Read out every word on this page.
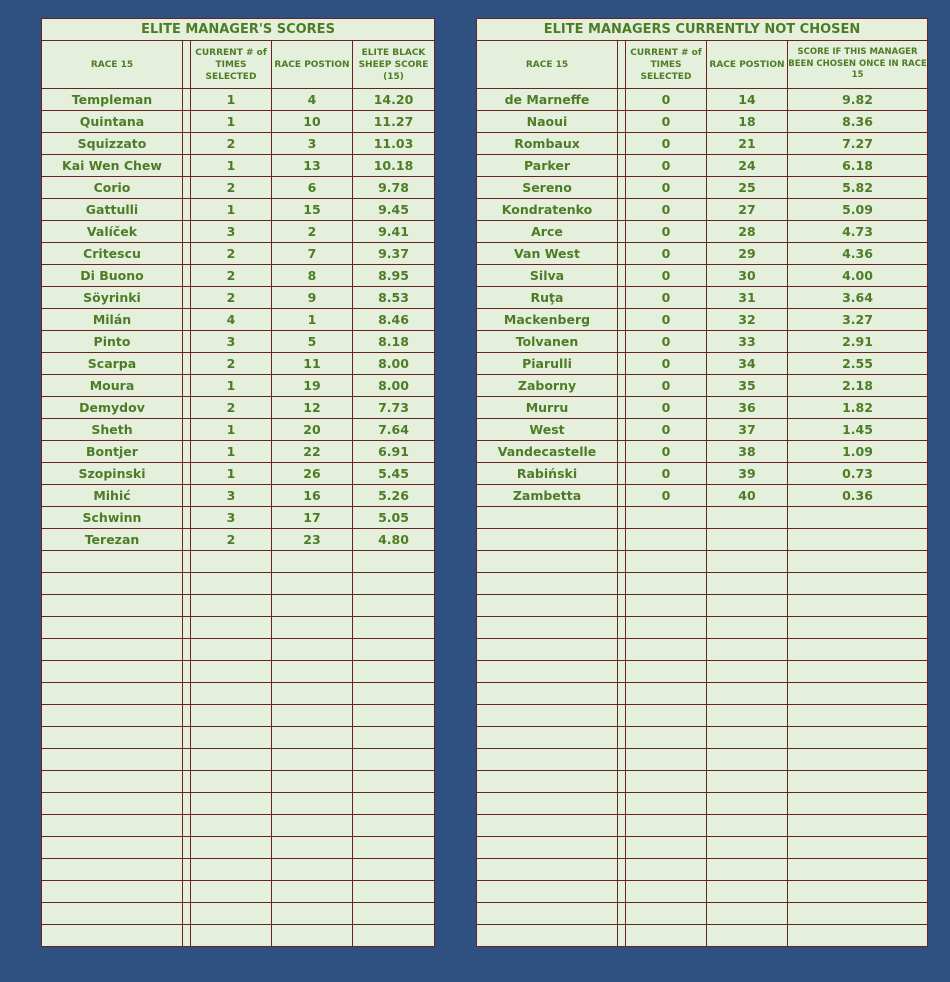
ELITE MANAGER'S SCORES				
RACE 15		CURRENT # of TIMES SELECTED	RACE POSTION	ELITE BLACK SHEEP SCORE (15)
Templeman		1	4	14.20
Quintana		1	10	11.27
Squizzato		2	3	11.03
Kai Wen Chew		1	13	10.18
Corio		2	6	9.78
Gattulli		1	15	9.45
Valíček		3	2	9.41
Critescu		2	7	9.37
Di Buono		2	8	8.95
Söyrinki		2	9	8.53
Milán		4	1	8.46
Pinto		3	5	8.18
Scarpa		2	11	8.00
Moura		1	19	8.00
Demydov		2	12	7.73
Sheth		1	20	7.64
Bontjer		1	22	6.91
Szopinski		1	26	5.45
Mihić		3	16	5.26
Schwinn		3	17	5.05
Terezan		2	23	4.80

ELITE MANAGERS CURRENTLY NOT CHOSEN				
RACE 15		CURRENT # of TIMES SELECTED	RACE POSTION	SCORE IF THIS MANAGER BEEN CHOSEN ONCE IN RACE 15
de Marneffe		0	14	9.82
Naoui		0	18	8.36
Rombaux		0	21	7.27
Parker		0	24	6.18
Sereno		0	25	5.82
Kondratenko		0	27	5.09
Arce		0	28	4.73
Van West		0	29	4.36
Silva		0	30	4.00
Ruţa		0	31	3.64
Mackenberg		0	32	3.27
Tolvanen		0	33	2.91
Piarulli		0	34	2.55
Zaborny		0	35	2.18
Murru		0	36	1.82
West		0	37	1.45
Vandecastelle		0	38	1.09
Rabiński		0	39	0.73
Zambetta		0	40	0.36
